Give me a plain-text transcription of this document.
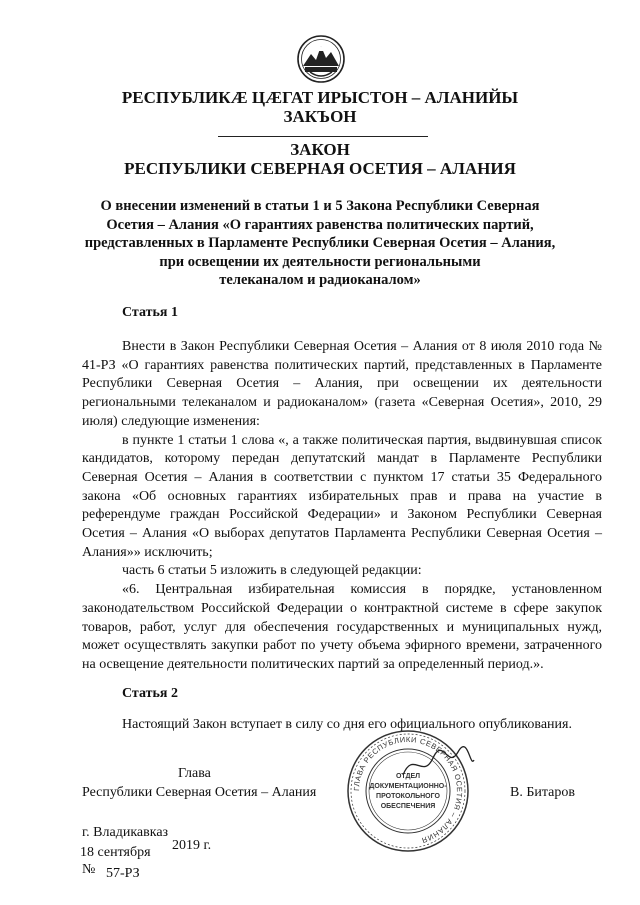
РЕСПУБЛИКÆ ЦÆГАТ ИРЫСТОН – АЛАНИЙЫ
ЗАКЪОН
ЗАКОН
РЕСПУБЛИКИ СЕВЕРНАЯ ОСЕТИЯ – АЛАНИЯ
О внесении изменений в статьи 1 и 5 Закона Республики Северная
Осетия – Алания «О гарантиях равенства политических партий,
представленных в Парламенте Республики Северная Осетия – Алания,
при освещении их деятельности региональными
телеканалом и радиоканалом»
Статья 1

Внести в Закон Республики Северная Осетия – Алания от 8 июля 2010 года № 41-РЗ «О гарантиях равенства политических партий, представленных в Парламенте Республики Северная Осетия – Алания, при освещении их деятельности региональными телеканалом и радиоканалом» (газета «Северная Осетия», 2010, 29 июля) следующие изменения:

в пункте 1 статьи 1 слова «, а также политическая партия, выдвинувшая список кандидатов, которому передан депутатский мандат в Парламенте Республики Северная Осетия – Алания в соответствии с пунктом 17 статьи 35 Федерального закона «Об основных гарантиях избирательных прав и права на участие в референдуме граждан Российской Федерации» и Законом Республики Северная Осетия – Алания «О выборах депутатов Парламента Республики Северная Осетия – Алания»» исключить;

часть 6 статьи 5 изложить в следующей редакции:

«6. Центральная избирательная комиссия в порядке, установленном законодательством Российской Федерации о контрактной системе в сфере закупок товаров, работ, услуг для обеспечения государственных и муниципальных нужд, может осуществлять закупки работ по учету объема эфирного времени, затраченного на освещение деятельности политических партий за определенный период.».

Статья 2

Настоящий Закон вступает в силу со дня его официального опубликования.

Глава
Республики Северная Осетия – Алания	В. Битаров
ГЛАВА РЕСПУБЛИКИ СЕВЕРНАЯ ОСЕТИЯ – АЛАНИЯ
ОТДЕЛ
ДОКУМЕНТАЦИОННО-
ПРОТОКОЛЬНОГО
ОБЕСПЕЧЕНИЯ
г. Владикавказ
18 сентября 2019 г.
№ 57-РЗ
